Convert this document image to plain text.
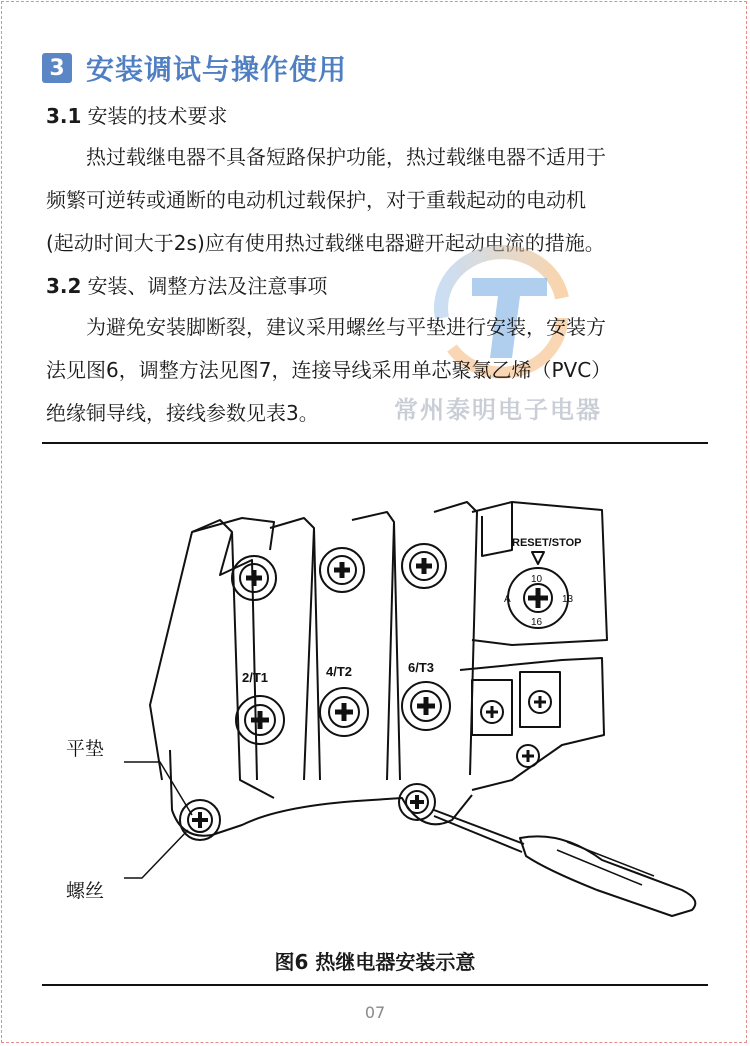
3 安装调试与操作使用
3.1 安装的技术要求
热过载继电器不具备短路保护功能，热过载继电器不适用于
频繁可逆转或通断的电动机过载保护，对于重载起动的电动机
(起动时间大于2s)应有使用热过载继电器避开起动电流的措施。
3.2 安装、调整方法及注意事项
为避免安装脚断裂，建议采用螺丝与平垫进行安装，安装方
法见图6，调整方法见图7，连接导线采用单芯聚氯乙烯（PVC）
绝缘铜导线，接线参数见表3。	常州泰明电子电器
2/T1	4/T2	6/T3
RESET/STOP
10
A	13
16
平垫
螺丝
图6 热继电器安装示意
07
